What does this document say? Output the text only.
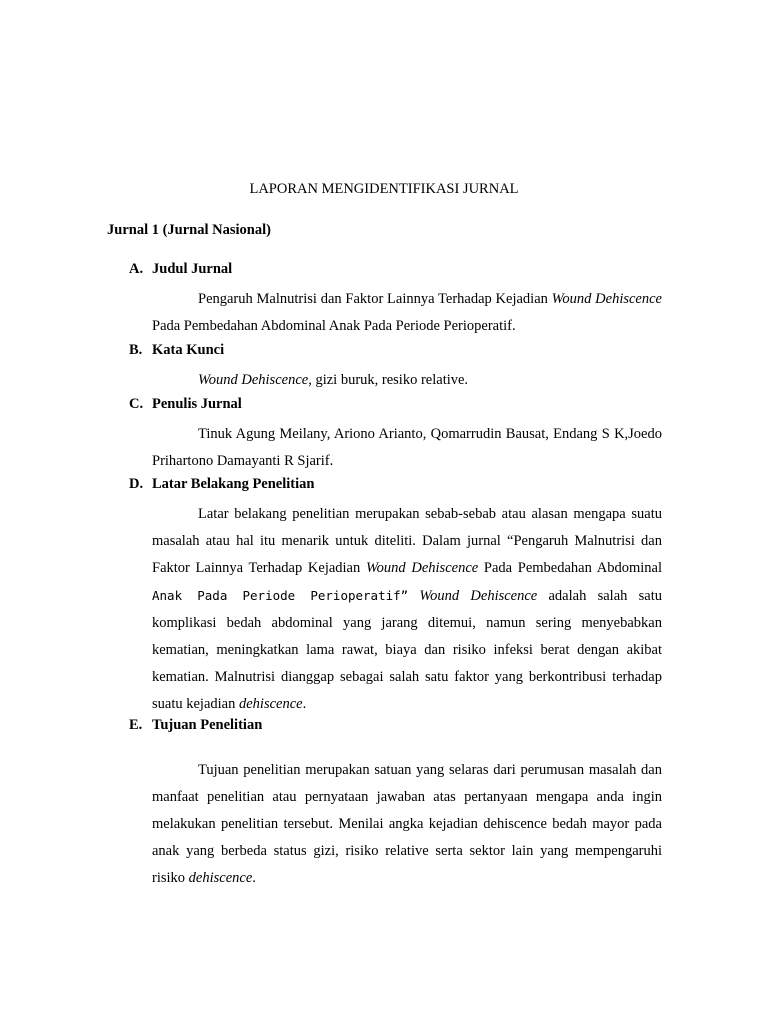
LAPORAN MENGIDENTIFIKASI JURNAL
Jurnal 1 (Jurnal Nasional)

A. Judul Jurnal

Pengaruh Malnutrisi dan Faktor Lainnya Terhadap Kejadian Wound Dehiscence Pada Pembedahan Abdominal Anak Pada Periode Perioperatif.

B. Kata Kunci

Wound Dehiscence, gizi buruk, resiko relative.

C. Penulis Jurnal

Tinuk Agung Meilany, Ariono Arianto, Qomarrudin Bausat, Endang S K,Joedo Prihartono Damayanti R Sjarif.

D. Latar Belakang Penelitian

Latar belakang penelitian merupakan sebab-sebab atau alasan mengapa suatu masalah atau hal itu menarik untuk diteliti. Dalam jurnal “Pengaruh Malnutrisi dan Faktor Lainnya Terhadap Kejadian Wound Dehiscence Pada Pembedahan Abdominal Anak Pada Periode Perioperatif” Wound Dehiscence adalah salah satu komplikasi bedah abdominal yang jarang ditemui, namun sering menyebabkan kematian, meningkatkan lama rawat, biaya dan risiko infeksi berat dengan akibat kematian. Malnutrisi dianggap sebagai salah satu faktor yang berkontribusi terhadap suatu kejadian dehiscence.

E. Tujuan Penelitian

Tujuan penelitian merupakan satuan yang selaras dari perumusan masalah dan manfaat penelitian atau pernyataan jawaban atas pertanyaan mengapa anda ingin melakukan penelitian tersebut. Menilai angka kejadian dehiscence bedah mayor pada anak yang berbeda status gizi, risiko relative serta sektor lain yang mempengaruhi risiko dehiscence.
